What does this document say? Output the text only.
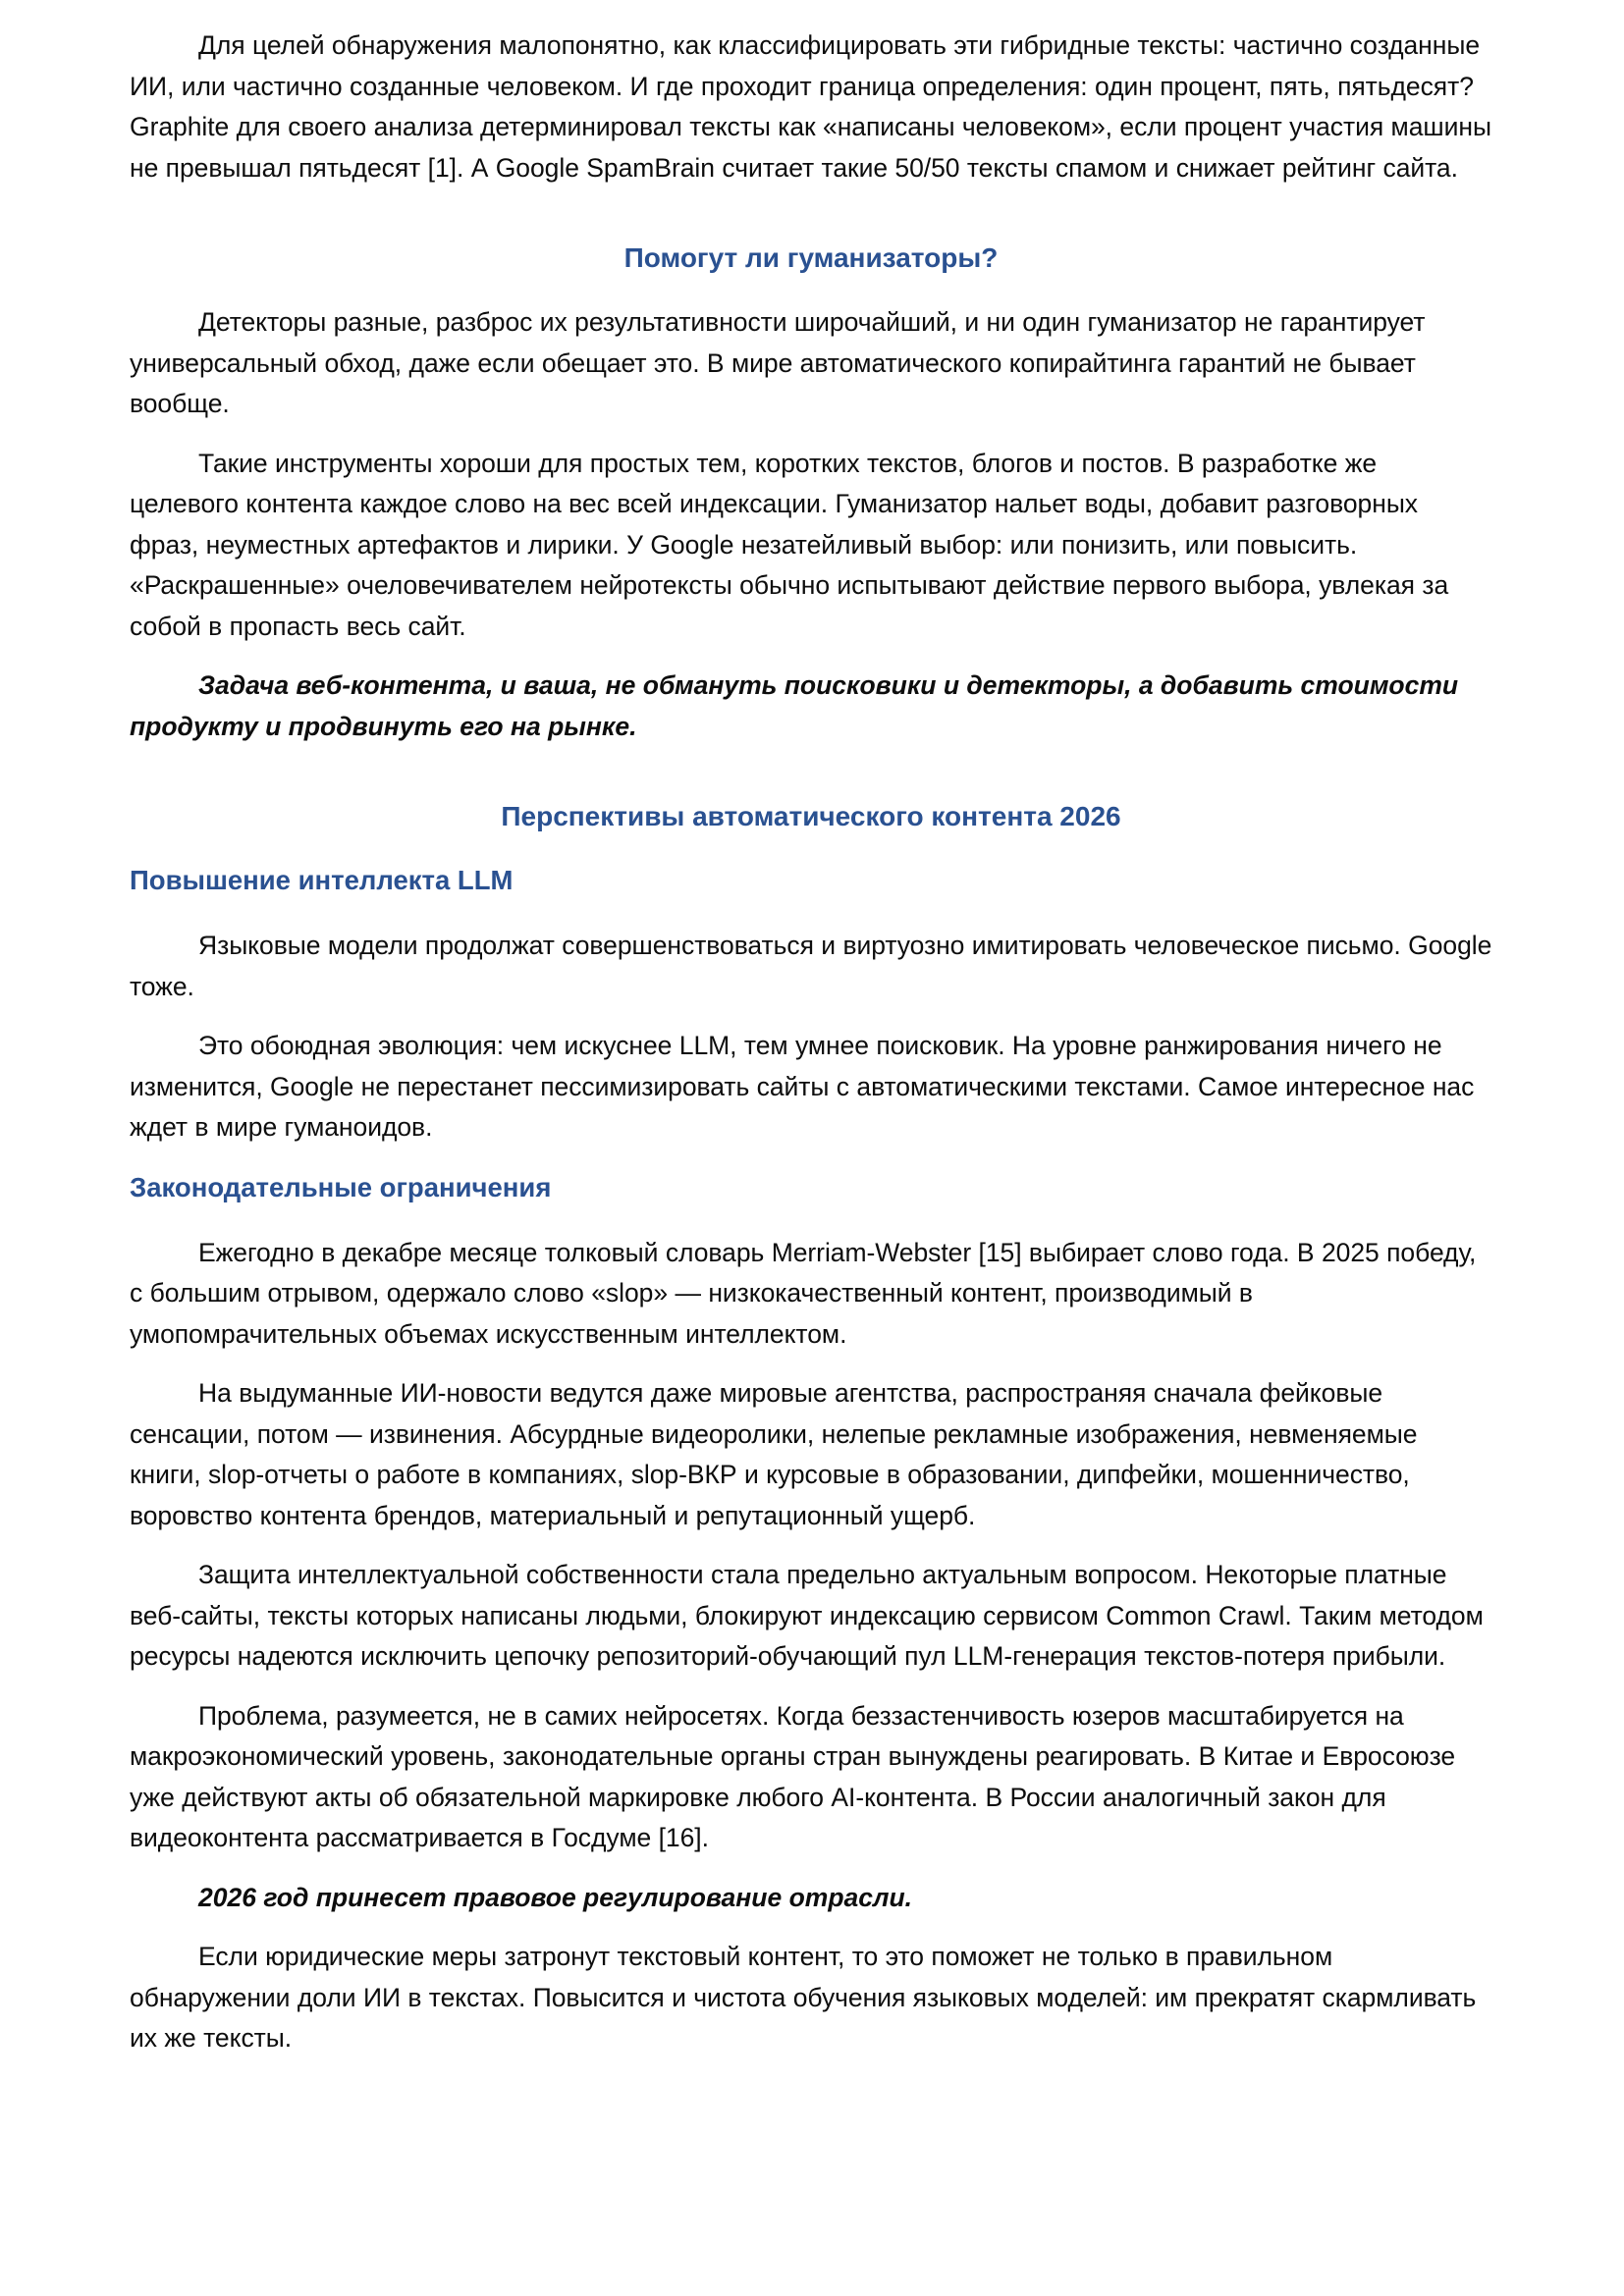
Для целей обнаружения малопонятно, как классифицировать эти гибридные тексты: частично созданные ИИ, или частично созданные человеком. И где проходит граница определения: один процент, пять, пятьдесят? Graphite для своего анализа детерминировал тексты как «написаны человеком», если процент участия машины не превышал пятьдесят [1]. А Google SpamBrain считает такие 50/50 тексты спамом и снижает рейтинг сайта.

Помогут ли гуманизаторы?

Детекторы разные, разброс их результативности широчайший, и ни один гуманизатор не гарантирует универсальный обход, даже если обещает это. В мире автоматического копирайтинга гарантий не бывает вообще.

Такие инструменты хороши для простых тем, коротких текстов, блогов и постов. В разработке же целевого контента каждое слово на вес всей индексации. Гуманизатор нальет воды, добавит разговорных фраз, неуместных артефактов и лирики. У Google незатейливый выбор: или понизить, или повысить. «Раскрашенные» очеловечивателем нейротексты обычно испытывают действие первого выбора, увлекая за собой в пропасть весь сайт.

Задача веб-контента, и ваша, не обмануть поисковики и детекторы, а добавить стоимости продукту и продвинуть его на рынке.

Перспективы автоматического контента 2026
Повышение интеллекта LLM

Языковые модели продолжат совершенствоваться и виртуозно имитировать человеческое письмо. Google тоже.

Это обоюдная эволюция: чем искуснее LLM, тем умнее поисковик. На уровне ранжирования ничего не изменится, Google не перестанет пессимизировать сайты с автоматическими текстами. Самое интересное нас ждет в мире гуманоидов.

Законодательные ограничения

Ежегодно в декабре месяце толковый словарь Merriam-Webster [15] выбирает слово года. В 2025 победу, с большим отрывом, одержало слово «slop» — низкокачественный контент, производимый в умопомрачительных объемах искусственным интеллектом.

На выдуманные ИИ-новости ведутся даже мировые агентства, распространяя сначала фейковые сенсации, потом — извинения. Абсурдные видеоролики, нелепые рекламные изображения, невменяемые книги, slop-отчеты о работе в компаниях, slop-ВКР и курсовые в образовании, дипфейки, мошенничество, воровство контента брендов, материальный и репутационный ущерб.

Защита интеллектуальной собственности стала предельно актуальным вопросом. Некоторые платные веб-сайты, тексты которых написаны людьми, блокируют индексацию сервисом Common Crawl. Таким методом ресурсы надеются исключить цепочку репозиторий-обучающий пул LLM-генерация текстов-потеря прибыли.

Проблема, разумеется, не в самих нейросетях. Когда беззастенчивость юзеров масштабируется на макроэкономический уровень, законодательные органы стран вынуждены реагировать. В Китае и Евросоюзе уже действуют акты об обязательной маркировке любого AI-контента. В России аналогичный закон для видеоконтента рассматривается в Госдуме [16].

2026 год принесет правовое регулирование отрасли.

Если юридические меры затронут текстовый контент, то это поможет не только в правильном обнаружении доли ИИ в текстах. Повысится и чистота обучения языковых моделей: им прекратят скармливать их же тексты.
